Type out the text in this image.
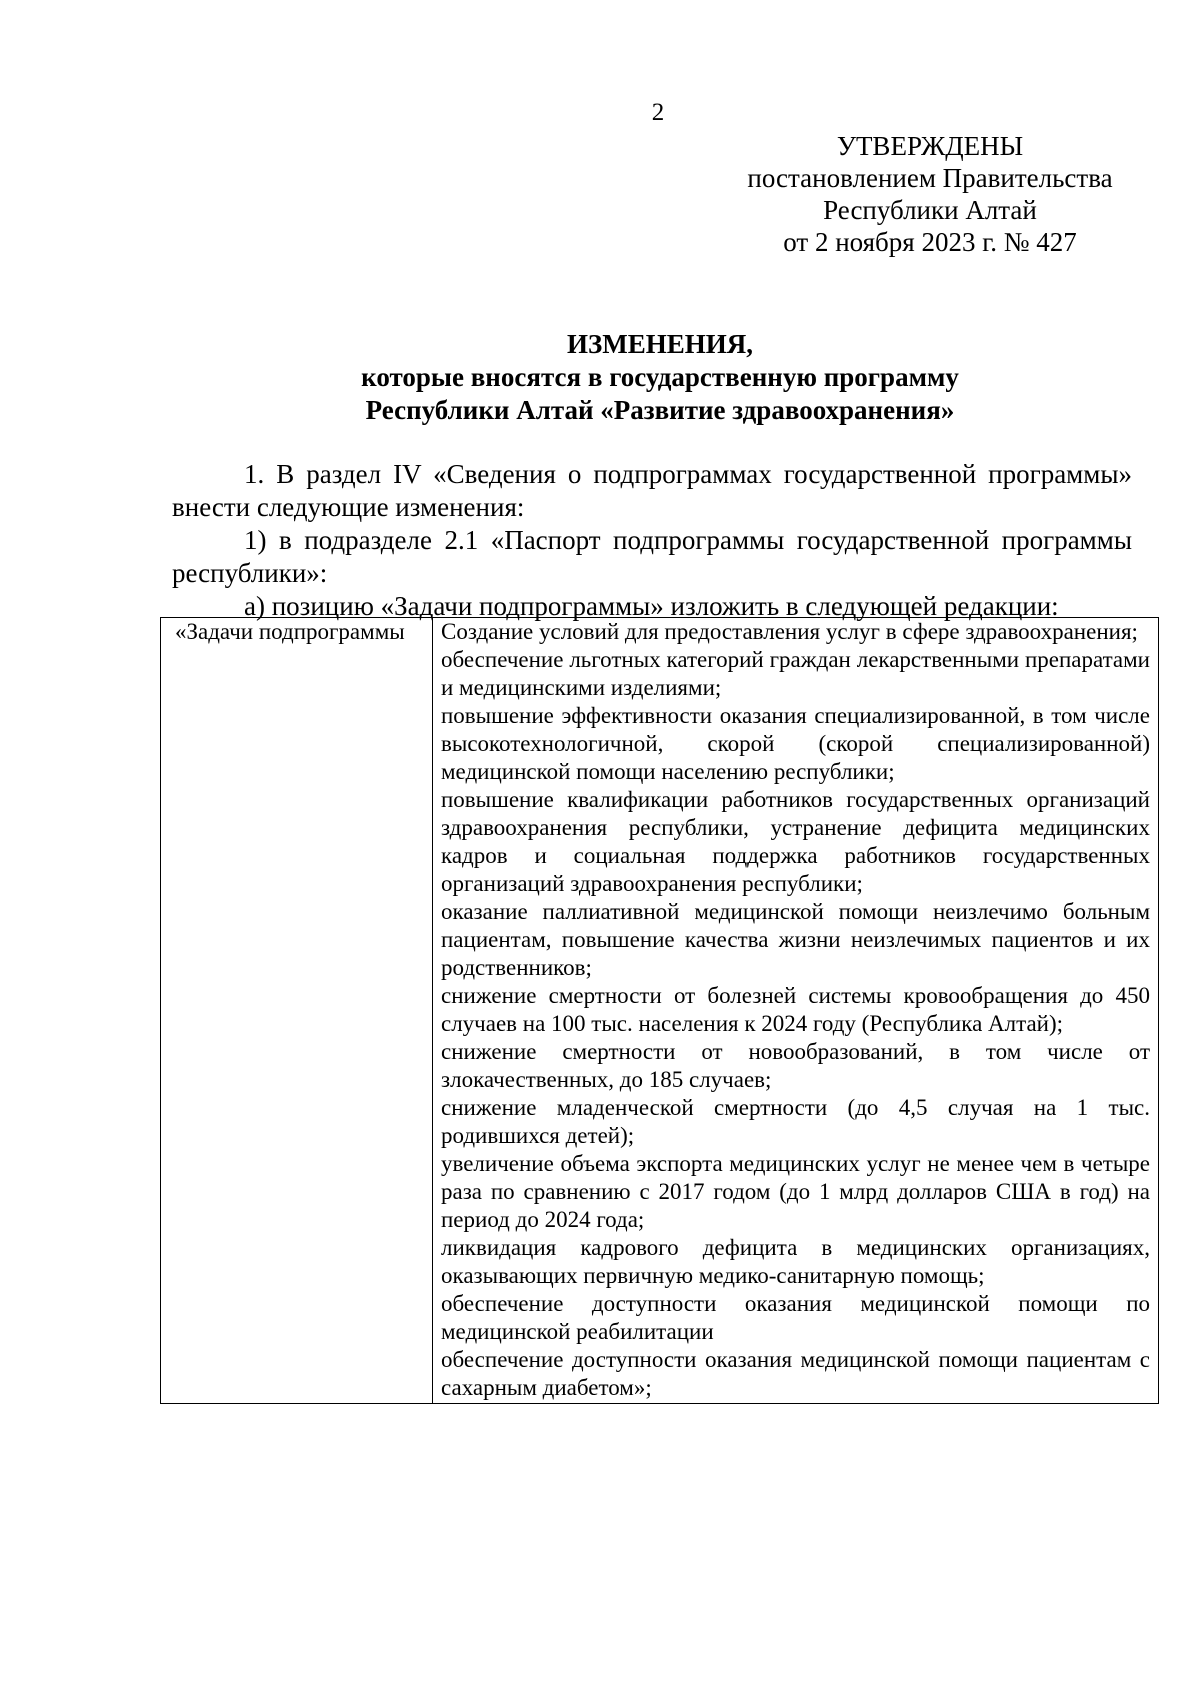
2
УТВЕРЖДЕНЫ
постановлением Правительства
Республики Алтай
от 2 ноября 2023 г. № 427
ИЗМЕНЕНИЯ,
которые вносятся в государственную программу
Республики Алтай «Развитие здравоохранения»

1. В раздел IV «Сведения о подпрограммах государственной программы» внести следующие изменения:

1) в подразделе 2.1 «Паспорт подпрограммы государственной программы республики»:

а) позицию «Задачи подпрограммы» изложить в следующей редакции:

«Задачи подпрограммы	Создание условий для предоставления услуг в сфере здравоохранения;
обеспечение льготных категорий граждан лекарственными препаратами и медицинскими изделиями;
повышение эффективности оказания специализированной, в том числе высокотехнологичной, скорой (скорой специализированной) медицинской помощи населению республики;
повышение квалификации работников государственных организаций здравоохранения республики, устранение дефицита медицинских кадров и социальная поддержка работников государственных организаций здравоохранения республики;
оказание паллиативной медицинской помощи неизлечимо больным пациентам, повышение качества жизни неизлечимых пациентов и их родственников;
снижение смертности от болезней системы кровообращения до 450 случаев на 100 тыс. населения к 2024 году (Республика Алтай);
снижение смертности от новообразований, в том числе от злокачественных, до 185 случаев;
снижение младенческой смертности (до 4,5 случая на 1 тыс. родившихся детей);
увеличение объема экспорта медицинских услуг не менее чем в четыре раза по сравнению с 2017 годом (до 1 млрд долларов США в год) на период до 2024 года;
ликвидация кадрового дефицита в медицинских организациях, оказывающих первичную медико-санитарную помощь;
обеспечение доступности оказания медицинской помощи по медицинской реабилитации
обеспечение доступности оказания медицинской помощи пациентам с сахарным диабетом»;
